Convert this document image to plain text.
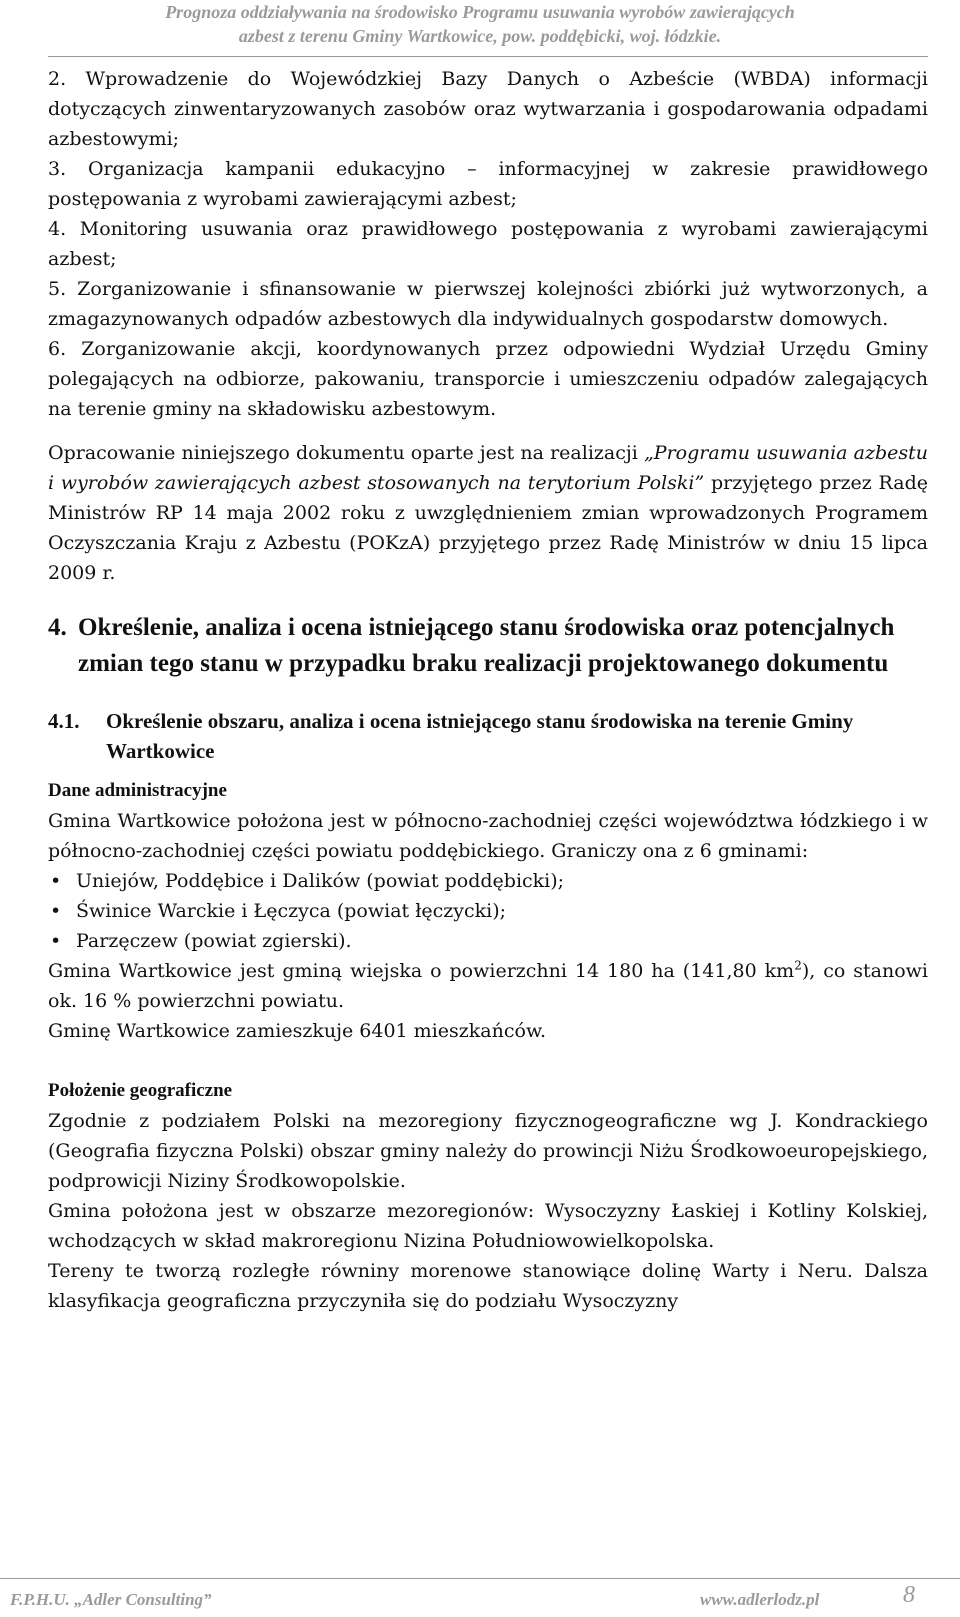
Prognoza oddziaływania na środowisko Programu usuwania wyrobów zawierających
azbest z terenu Gminy Wartkowice, pow. poddębicki, woj. łódzkie.
2. Wprowadzenie do Wojewódzkiej Bazy Danych o Azbeście (WBDA) informacji dotyczących zinwentaryzowanych zasobów oraz wytwarzania i gospodarowania odpadami azbestowymi;
3. Organizacja kampanii edukacyjno – informacyjnej w zakresie prawidłowego postępowania z wyrobami zawierającymi azbest;
4. Monitoring usuwania oraz prawidłowego postępowania z wyrobami zawierającymi azbest;
5. Zorganizowanie i sfinansowanie w pierwszej kolejności zbiórki już wytworzonych, a zmagazynowanych odpadów azbestowych dla indywidualnych gospodarstw domowych.
6. Zorganizowanie akcji, koordynowanych przez odpowiedni Wydział Urzędu Gminy polegających na odbiorze, pakowaniu, transporcie i umieszczeniu odpadów zalegających na terenie gminy na składowisku azbestowym.

Opracowanie niniejszego dokumentu oparte jest na realizacji „Programu usuwania azbestu i wyrobów zawierających azbest stosowanych na terytorium Polski” przyjętego przez Radę Ministrów RP 14 maja 2002 roku z uwzględnieniem zmian wprowadzonych Programem Oczyszczania Kraju z Azbestu (POKzA) przyjętego przez Radę Ministrów w dniu 15 lipca 2009 r.

4. Określenie, analiza i ocena istniejącego stanu środowiska oraz potencjalnych zmian tego stanu w przypadku braku realizacji projektowanego dokumentu
4.1. Określenie obszaru, analiza i ocena istniejącego stanu środowiska na terenie Gminy Wartkowice
Dane administracyjne

Gmina Wartkowice położona jest w północno-zachodniej części województwa łódzkiego i w północno-zachodniej części powiatu poddębickiego. Graniczy ona z 6 gminami:

• Uniejów, Poddębice i Dalików (powiat poddębicki);
• Świnice Warckie i Łęczyca (powiat łęczycki);
• Parzęczew (powiat zgierski).

Gmina Wartkowice jest gminą wiejska o powierzchni 14 180 ha (141,80 $km^2$), co stanowi ok. 16 % powierzchni powiatu.

Gminę Wartkowice zamieszkuje 6401 mieszkańców.

Położenie geograficzne

Zgodnie z podziałem Polski na mezoregiony fizycznogeograficzne wg J. Kondrackiego (Geografia fizyczna Polski) obszar gminy należy do prowincji Niżu Środkowoeuropejskiego, podprowicji Niziny Środkowopolskie.

Gmina położona jest w obszarze mezoregionów: Wysoczyzny Łaskiej i Kotliny Kolskiej, wchodzących w skład makroregionu Nizina Południowowielkopolska.

Tereny te tworzą rozległe równiny morenowe stanowiące dolinę Warty i Neru. Dalsza klasyfikacja geograficzna przyczyniła się do podziału Wysoczyzny

F.P.H.U. „Adler Consulting”	www.adlerlodz.pl	8
